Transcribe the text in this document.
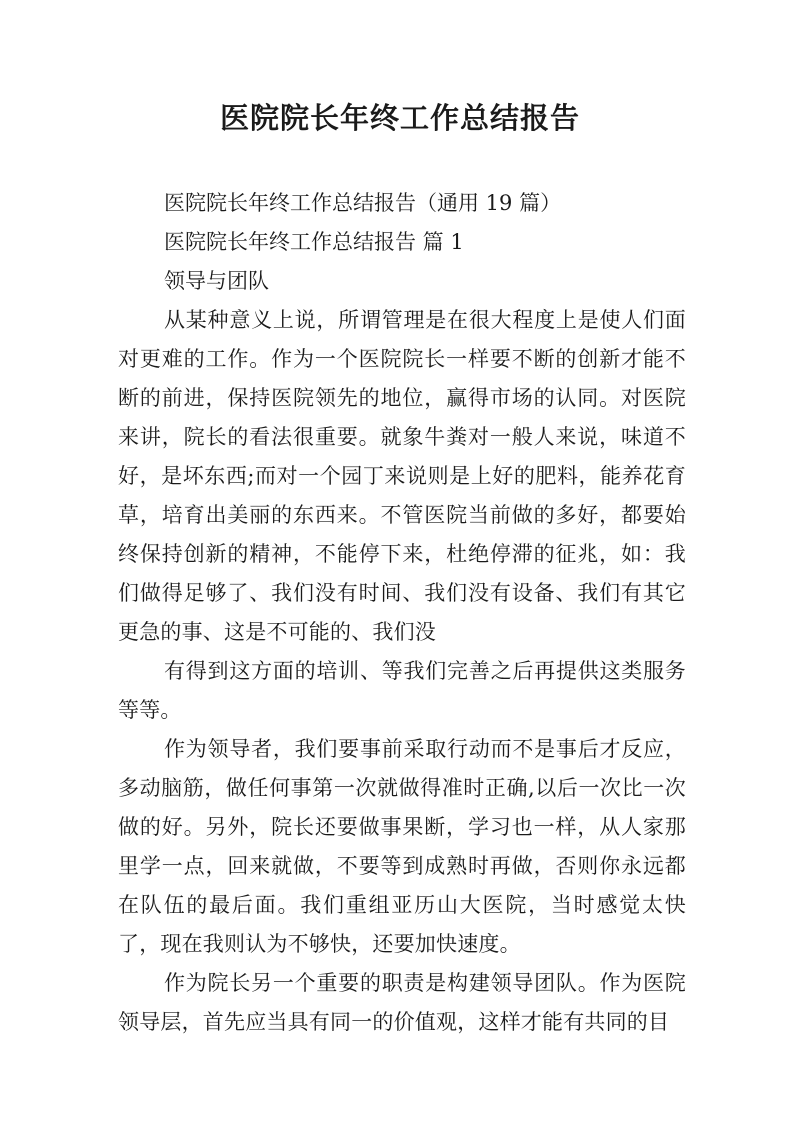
医院院长年终工作总结报告

医院院长年终工作总结报告（通用 19 篇）

医院院长年终工作总结报告 篇 1

领导与团队

从某种意义上说，所谓管理是在很大程度上是使人们面对更难的工作。作为一个医院院长一样要不断的创新才能不断的前进，保持医院领先的地位，赢得市场的认同。对医院来讲，院长的看法很重要。就象牛粪对一般人来说，味道不好，是坏东西;而对一个园丁来说则是上好的肥料，能养花育草，培育出美丽的东西来。不管医院当前做的多好，都要始终保持创新的精神，不能停下来，杜绝停滞的征兆，如：我们做得足够了、我们没有时间、我们没有设备、我们有其它更急的事、这是不可能的、我们没

有得到这方面的培训、等我们完善之后再提供这类服务等等。

作为领导者，我们要事前采取行动而不是事后才反应，多动脑筋，做任何事第一次就做得准时正确,以后一次比一次做的好。另外，院长还要做事果断，学习也一样，从人家那里学一点，回来就做，不要等到成熟时再做，否则你永远都在队伍的最后面。我们重组亚历山大医院，当时感觉太快了，现在我则认为不够快，还要加快速度。

作为院长另一个重要的职责是构建领导团队。作为医院领导层，首先应当具有同一的价值观，这样才能有共同的目
